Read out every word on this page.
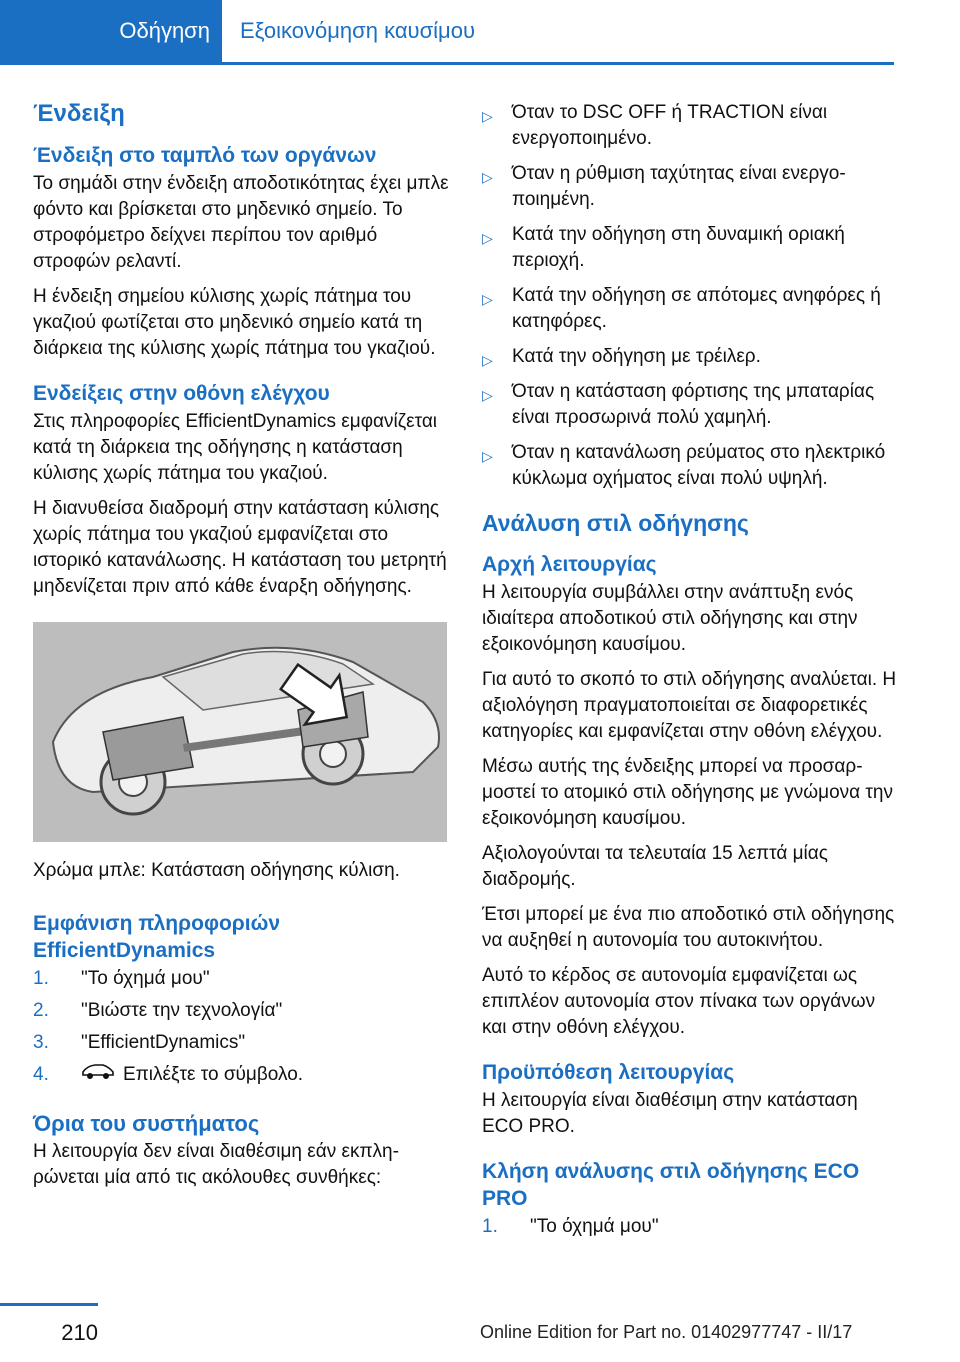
Οδήγηση	Εξοικονόμηση καυσίμου
Ένδειξη
Ένδειξη στο ταμπλό των οργάνων

Το σημάδι στην ένδειξη αποδοτικότητας έχει μπλε φόντο και βρίσκεται στο μηδενικό σημείο. Το στροφόμετρο δείχνει περίπου τον αριθμό στροφών ρελαντί.

Η ένδειξη σημείου κύλισης χωρίς πάτημα του γκαζιού φωτίζεται στο μηδενικό σημείο κατά τη διάρκεια της κύλισης χωρίς πάτημα του γκαζιού.

Ενδείξεις στην οθόνη ελέγχου

Στις πληροφορίες EfficientDynamics εμφανίζεται κατά τη διάρκεια της οδήγησης η κατάσταση κύλισης χωρίς πάτημα του γκαζιού.

Η διανυθείσα διαδρομή στην κατάσταση κύλισης χωρίς πάτημα του γκαζιού εμφανίζεται στο ιστορικό κατανάλωσης. Η κατάσταση του μετρητή μηδενίζεται πριν από κάθε έναρξη οδήγησης.

Χρώμα μπλε: Κατάσταση οδήγησης κύλιση.

Εμφάνιση πληροφοριών EfficientDynamics
1. "Το όχημά μου"
2. "Βιώστε την τεχνολογία"
3. "EfficientDynamics"
4.	Επιλέξτε το σύμβολο.
Όρια του συστήματος

Η λειτουργία δεν είναι διαθέσιμη εάν εκπληρώνεται μία από τις ακόλουθες συνθήκες:

▷ Όταν το DSC OFF ή TRACTION είναι ενεργοποιημένο.
▷ Όταν η ρύθμιση ταχύτητας είναι ενεργοποιημένη.
▷ Κατά την οδήγηση στη δυναμική οριακή περιοχή.
▷ Κατά την οδήγηση σε απότομες ανηφόρες ή κατηφόρες.
▷ Κατά την οδήγηση με τρέιλερ.
▷ Όταν η κατάσταση φόρτισης της μπαταρίας είναι προσωρινά πολύ χαμηλή.
▷ Όταν η κατανάλωση ρεύματος στο ηλεκτρικό κύκλωμα οχήματος είναι πολύ υψηλή.
Ανάλυση στιλ οδήγησης
Αρχή λειτουργίας

Η λειτουργία συμβάλλει στην ανάπτυξη ενός ιδιαίτερα αποδοτικού στιλ οδήγησης και στην εξοικονόμηση καυσίμου.

Για αυτό το σκοπό το στιλ οδήγησης αναλύεται. Η αξιολόγηση πραγματοποιείται σε διαφορετικές κατηγορίες και εμφανίζεται στην οθόνη ελέγχου.

Μέσω αυτής της ένδειξης μπορεί να προσαρμοστεί το ατομικό στιλ οδήγησης με γνώμονα την εξοικονόμηση καυσίμου.

Αξιολογούνται τα τελευταία 15 λεπτά μίας διαδρομής.

Έτσι μπορεί με ένα πιο αποδοτικό στιλ οδήγησης να αυξηθεί η αυτονομία του αυτοκινήτου.

Αυτό το κέρδος σε αυτονομία εμφανίζεται ως επιπλέον αυτονομία στον πίνακα των οργάνων και στην οθόνη ελέγχου.

Προϋπόθεση λειτουργίας

Η λειτουργία είναι διαθέσιμη στην κατάσταση ECO PRO.

Κλήση ανάλυσης στιλ οδήγησης ECO PRO
1. "Το όχημά μου"
210	Online Edition for Part no. 01402977747 - II/17
